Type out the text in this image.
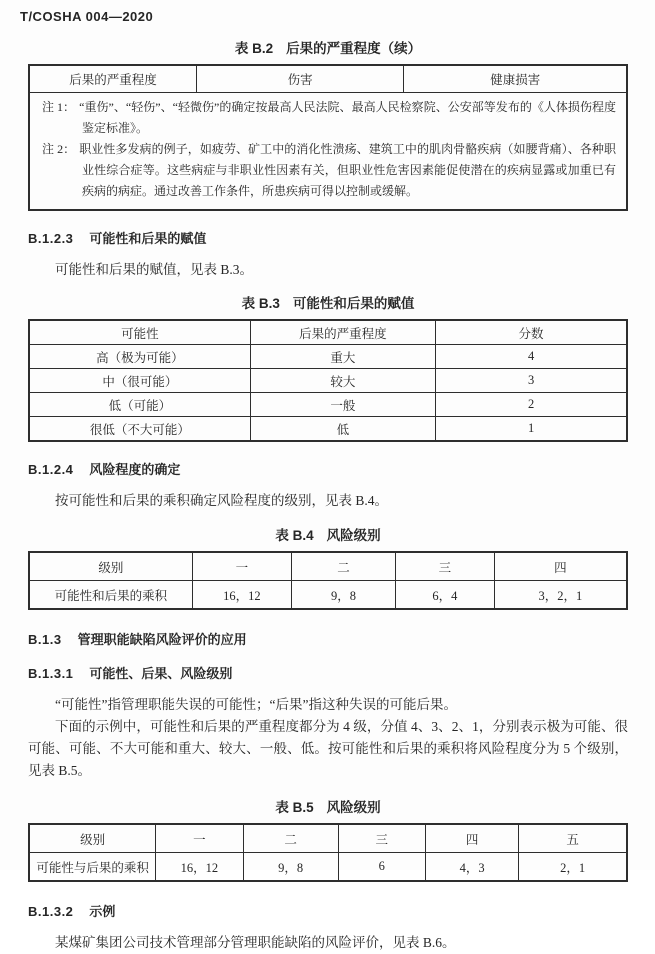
T/COSHA 004—2020
表 B.2 后果的严重程度（续）
后果的严重程度	伤害	健康损害

注 1： “重伤”、“轻伤”、“轻微伤”的确定按最高人民法院、最高人民检察院、公安部等发布的《人体损伤程度鉴定标准》。
注 2： 职业性多发病的例子，如疲劳、矿工中的消化性溃疡、建筑工中的肌肉骨骼疾病（如腰背痛）、各种职业性综合症等。这些病症与非职业性因素有关，但职业性危害因素能促使潜在的疾病显露或加重已有疾病的病症。通过改善工作条件，所患疾病可得以控制或缓解。
B.1.2.3 可能性和后果的赋值

可能性和后果的赋值，见表 B.3。

表 B.3 可能性和后果的赋值
可能性	后果的严重程度	分数
高（极为可能）	重大	4
中（很可能）	较大	3
低（可能）	一般	2
很低（不大可能）	低	1
B.1.2.4 风险程度的确定

按可能性和后果的乘积确定风险程度的级别，见表 B.4。

表 B.4 风险级别
级别	一	二	三	四
可能性和后果的乘积	16，12	9，8	6，4	3，2，1
B.1.3 管理职能缺陷风险评价的应用
B.1.3.1 可能性、后果、风险级别

“可能性”指管理职能失误的可能性；“后果”指这种失误的可能后果。

下面的示例中，可能性和后果的严重程度都分为 4 级，分值 4、3、2、1，分别表示极为可能、很可能、可能、不大可能和重大、较大、一般、低。按可能性和后果的乘积将风险程度分为 5 个级别，见表 B.5。

表 B.5 风险级别
级别	一	二	三	四	五
可能性与后果的乘积	16，12	9，8	6	4，3	2，1
B.1.3.2 示例

某煤矿集团公司技术管理部分管理职能缺陷的风险评价，见表 B.6。
